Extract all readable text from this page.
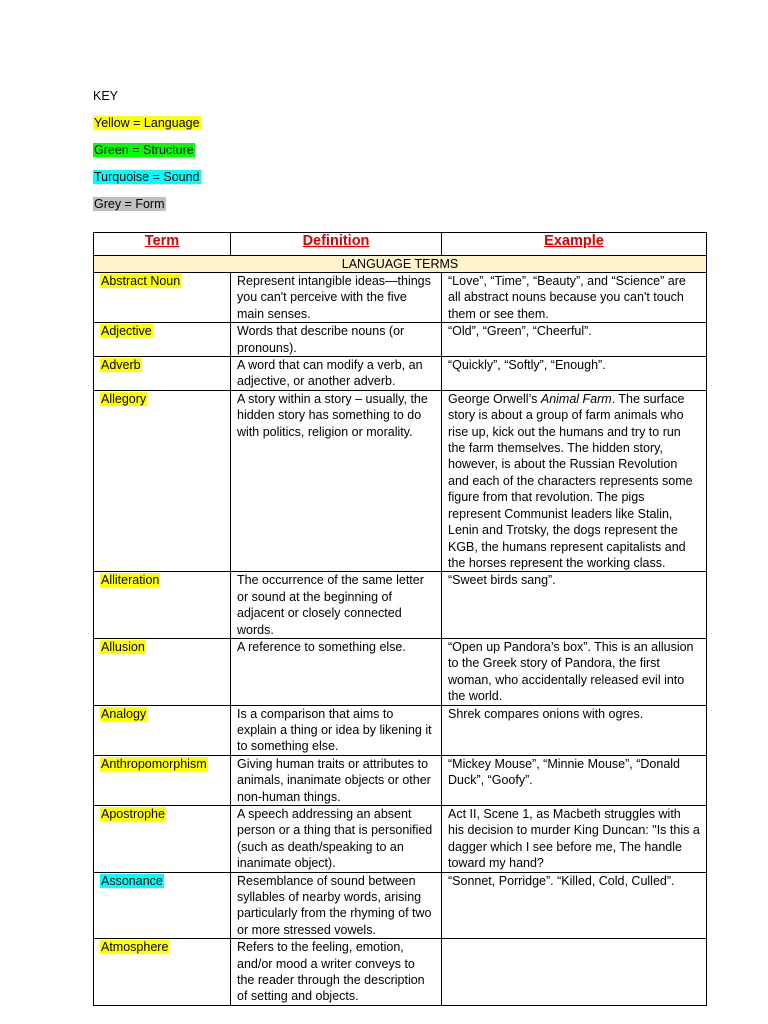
KEY
Yellow = Language
Green = Structure
Turquoise = Sound
Grey = Form
Term	Definition	Example
LANGUAGE TERMS		
Abstract Noun	Represent intangible ideas—things you can't perceive with the five main senses.	“Love”, “Time”, “Beauty”, and “Science” are all abstract nouns because you can't touch them or see them.
Adjective	Words that describe nouns (or pronouns).	“Old”, “Green”, “Cheerful”.
Adverb	A word that can modify a verb, an adjective, or another adverb.	“Quickly”, “Softly”, “Enough”.
Allegory	A story within a story – usually, the hidden story has something to do with politics, religion or morality.	George Orwell’s Animal Farm. The surface story is about a group of farm animals who rise up, kick out the humans and try to run the farm themselves. The hidden story, however, is about the Russian Revolution and each of the characters represents some figure from that revolution. The pigs represent Communist leaders like Stalin, Lenin and Trotsky, the dogs represent the KGB, the humans represent capitalists and the horses represent the working class.
Alliteration	The occurrence of the same letter or sound at the beginning of adjacent or closely connected words.	“Sweet birds sang”.
Allusion	A reference to something else.	“Open up Pandora’s box”. This is an allusion to the Greek story of Pandora, the first woman, who accidentally released evil into the world.
Analogy	Is a comparison that aims to explain a thing or idea by likening it to something else.	Shrek compares onions with ogres.
Anthropomorphism	Giving human traits or attributes to animals, inanimate objects or other non-human things.	“Mickey Mouse”, “Minnie Mouse”, “Donald Duck”, “Goofy”.
Apostrophe	A speech addressing an absent person or a thing that is personified (such as death/speaking to an inanimate object).	Act II, Scene 1, as Macbeth struggles with his decision to murder King Duncan: "Is this a dagger which I see before me, The handle toward my hand?
Assonance	Resemblance of sound between syllables of nearby words, arising particularly from the rhyming of two or more stressed vowels.	“Sonnet, Porridge”. “Killed, Cold, Culled”.
Atmosphere	Refers to the feeling, emotion, and/or mood a writer conveys to the reader through the description of setting and objects.	
